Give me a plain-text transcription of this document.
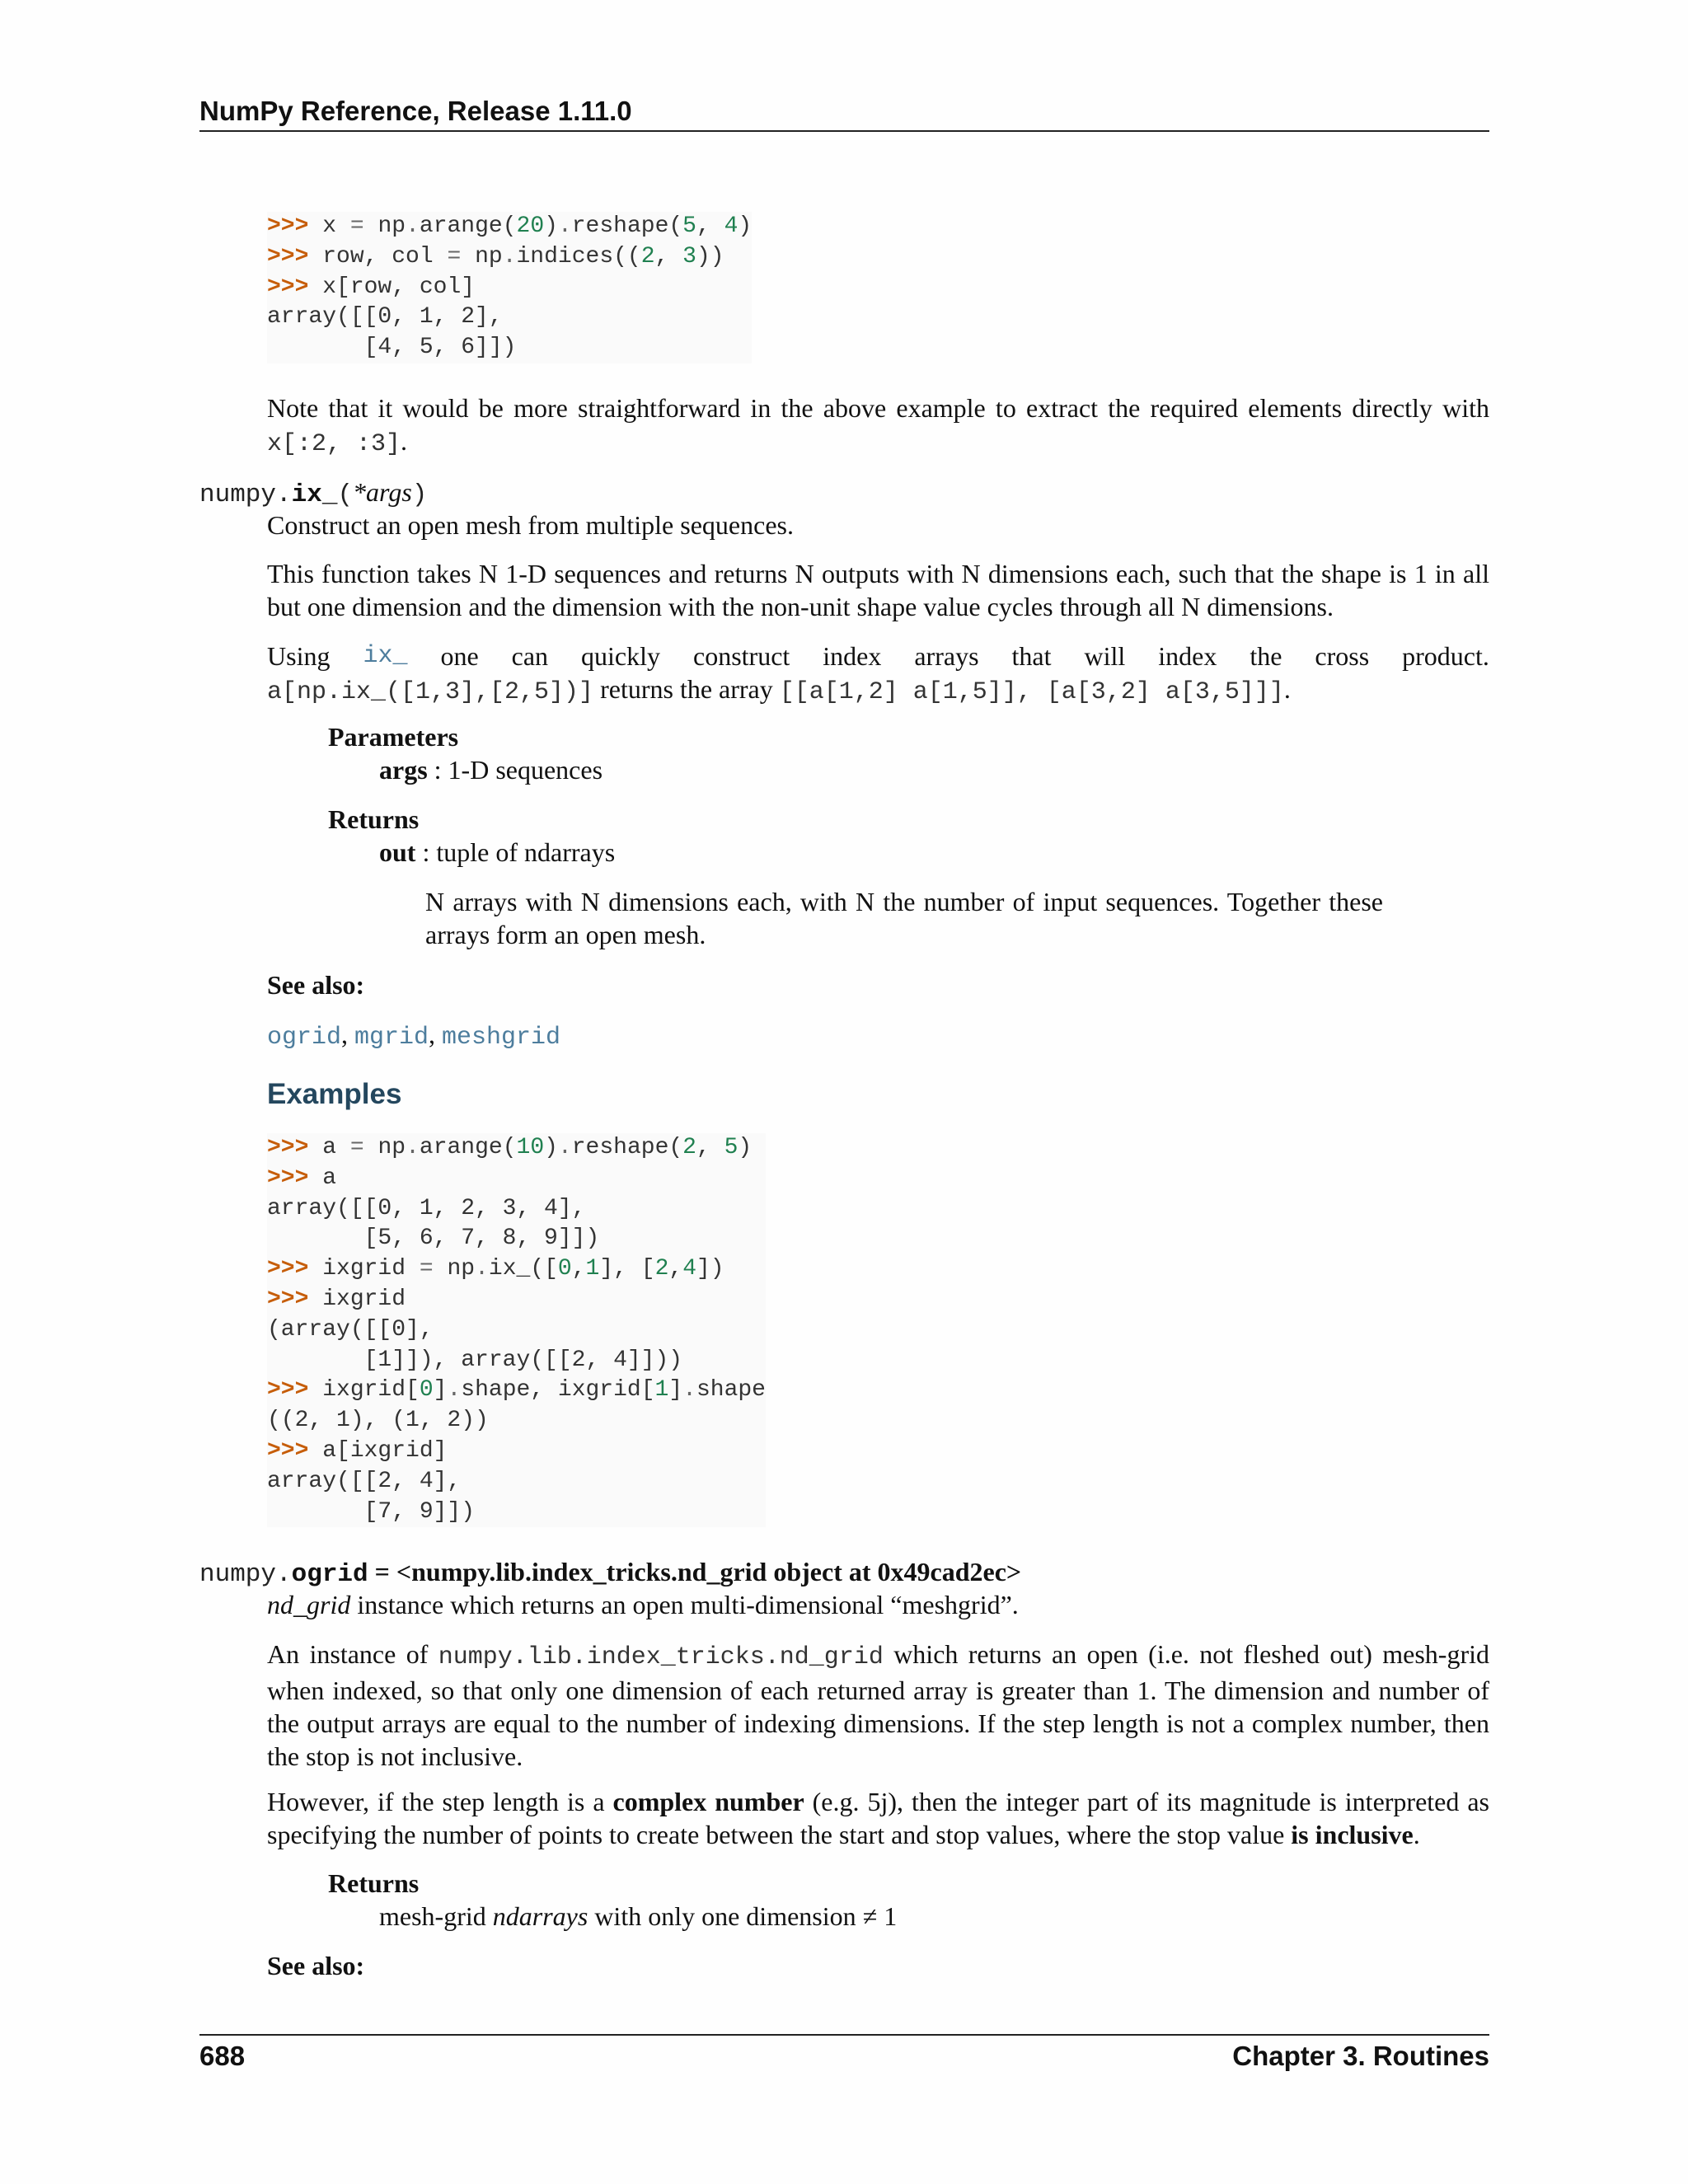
NumPy Reference, Release 1.11.0
>>> x = np.arange(20).reshape(5, 4)
>>> row, col = np.indices((2, 3))
>>> x[row, col]
array([[0, 1, 2],
[4, 5, 6]])
Note that it would be more straightforward in the above example to extract the required elements directly with x[:2, :3].
numpy.ix_(*args)
Construct an open mesh from multiple sequences.
This function takes N 1-D sequences and returns N outputs with N dimensions each, such that the shape is 1 in all but one dimension and the dimension with the non-unit shape value cycles through all N dimensions.
Using ix_ one can quickly construct index arrays that will index the cross product.
a[np.ix_([1,3],[2,5])] returns the array [[a[1,2] a[1,5]], [a[3,2] a[3,5]]].
Parameters
args : 1-D sequences
Returns
out : tuple of ndarrays
N arrays with N dimensions each, with N the number of input sequences. Together these arrays form an open mesh.
See also:
ogrid, mgrid, meshgrid
Examples
>>> a = np.arange(10).reshape(2, 5)
>>> a
array([[0, 1, 2, 3, 4],
[5, 6, 7, 8, 9]])
>>> ixgrid = np.ix_([0,1], [2,4])
>>> ixgrid
(array([[0],
[1]]), array([[2, 4]]))
>>> ixgrid[0].shape, ixgrid[1].shape
((2, 1), (1, 2))
>>> a[ixgrid]
array([[2, 4],
[7, 9]])
numpy.ogrid = <numpy.lib.index_tricks.nd_grid object at 0x49cad2ec>
nd_grid instance which returns an open multi-dimensional “meshgrid”.
An instance of numpy.lib.index_tricks.nd_grid which returns an open (i.e. not fleshed out) mesh-grid when indexed, so that only one dimension of each returned array is greater than 1. The dimension and number of the output arrays are equal to the number of indexing dimensions. If the step length is not a complex number, then the stop is not inclusive.
However, if the step length is a complex number (e.g. 5j), then the integer part of its magnitude is interpreted as specifying the number of points to create between the start and stop values, where the stop value is inclusive.
Returns
mesh-grid ndarrays with only one dimension ≠ 1
See also:
688	Chapter 3. Routines
